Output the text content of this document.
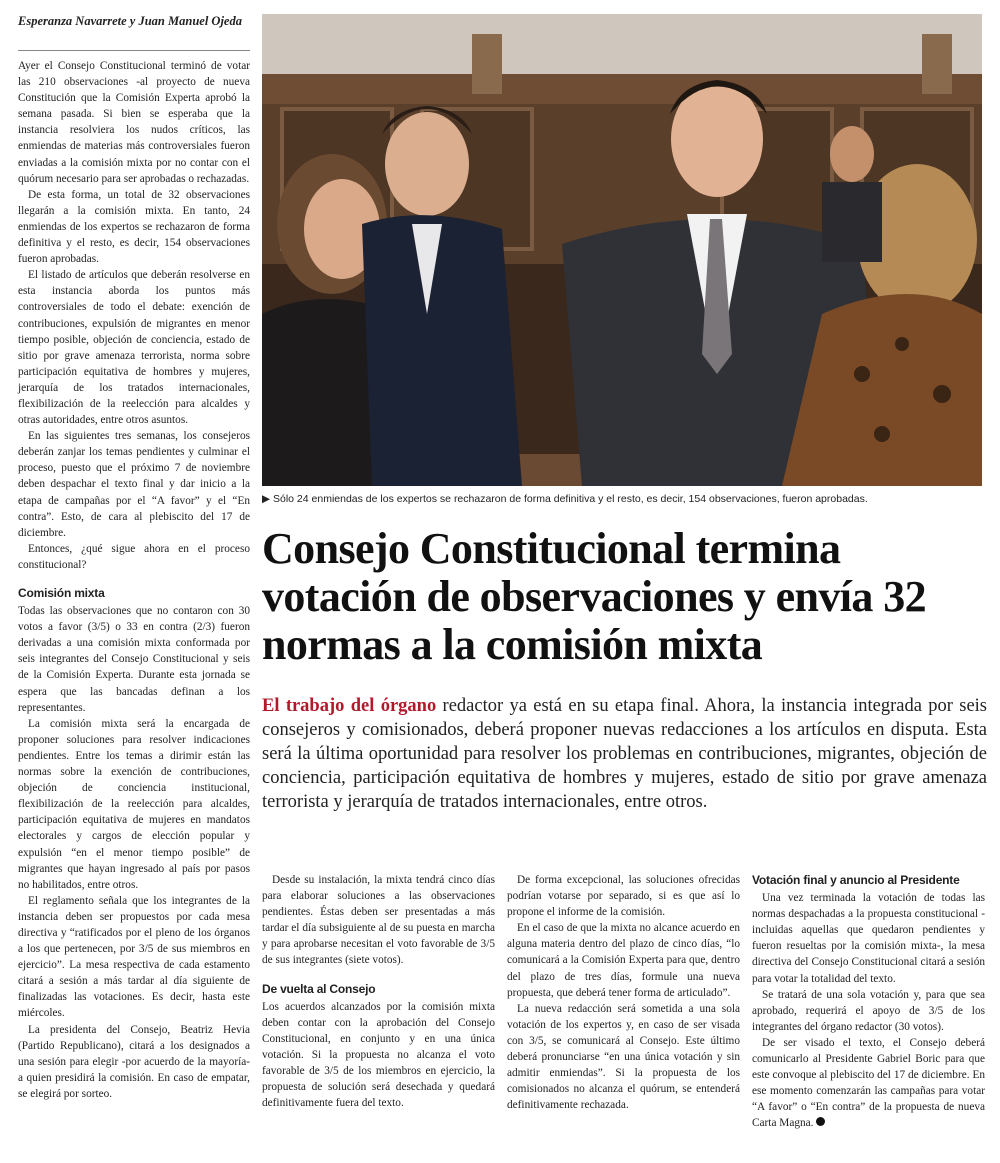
Esperanza Navarrete y Juan Manuel Ojeda

Ayer el Consejo Constitucional terminó de votar las 210 observaciones -al proyecto de nueva Constitución que la Comisión Experta aprobó la semana pasada. Si bien se esperaba que la instancia resolviera los nudos críticos, las enmiendas de materias más controversiales fueron enviadas a la comisión mixta por no contar con el quórum necesario para ser aprobadas o rechazadas.

De esta forma, un total de 32 observaciones llegarán a la comisión mixta. En tanto, 24 enmiendas de los expertos se rechazaron de forma definitiva y el resto, es decir, 154 observaciones fueron aprobadas.

El listado de artículos que deberán resolverse en esta instancia aborda los puntos más controversiales de todo el debate: exención de contribuciones, expulsión de migrantes en menor tiempo posible, objeción de conciencia, estado de sitio por grave amenaza terrorista, norma sobre participación equitativa de hombres y mujeres, jerarquía de los tratados internacionales, flexibilización de la reelección para alcaldes y otras autoridades, entre otros asuntos.

En las siguientes tres semanas, los consejeros deberán zanjar los temas pendientes y culminar el proceso, puesto que el próximo 7 de noviembre deben despachar el texto final y dar inicio a la etapa de campañas por el “A favor” y el “En contra”. Esto, de cara al plebiscito del 17 de diciembre.

Entonces, ¿qué sigue ahora en el proceso constitucional?

Comisión mixta

Todas las observaciones que no contaron con 30 votos a favor (3/5) o 33 en contra (2/3) fueron derivadas a una comisión mixta conformada por seis integrantes del Consejo Constitucional y seis de la Comisión Experta. Durante esta jornada se espera que las bancadas definan a los representantes.

La comisión mixta será la encargada de proponer soluciones para resolver indicaciones pendientes. Entre los temas a dirimir están las normas sobre la exención de contribuciones, objeción de conciencia institucional, flexibilización de la reelección para alcaldes, participación equitativa de mujeres en mandatos electorales y cargos de elección popular y expulsión “en el menor tiempo posible” de migrantes que hayan ingresado al país por pasos no habilitados, entre otros.

El reglamento señala que los integrantes de la instancia deben ser propuestos por cada mesa directiva y “ratificados por el pleno de los órganos a los que pertenecen, por 3/5 de sus miembros en ejercicio”. La mesa respectiva de cada estamento citará a sesión a más tardar al día siguiente de finalizadas las votaciones. Es decir, hasta este miércoles.

La presidenta del Consejo, Beatriz Hevia (Partido Republicano), citará a los designados a una sesión para elegir -por acuerdo de la mayoría- a quien presidirá la comisión. En caso de empatar, se elegirá por sorteo.

▶ Sólo 24 enmiendas de los expertos se rechazaron de forma definitiva y el resto, es decir, 154 observaciones, fueron aprobadas.
Consejo Constitucional termina votación de observaciones y envía 32 normas a la comisión mixta
El trabajo del órgano redactor ya está en su etapa final. Ahora, la instancia integrada por seis consejeros y comisionados, deberá proponer nuevas redacciones a los artículos en disputa. Esta será la última oportunidad para resolver los problemas en contribuciones, migrantes, objeción de conciencia, participación equitativa de hombres y mujeres, estado de sitio por grave amenaza terrorista y jerarquía de tratados internacionales, entre otros.

Desde su instalación, la mixta tendrá cinco días para elaborar soluciones a las observaciones pendientes. Éstas deben ser presentadas a más tardar el día subsiguiente al de su puesta en marcha y para aprobarse necesitan el voto favorable de 3/5 de sus integrantes (siete votos).

De vuelta al Consejo

Los acuerdos alcanzados por la comisión mixta deben contar con la aprobación del Consejo Constitucional, en conjunto y en una única votación. Si la propuesta no alcanza el voto favorable de 3/5 de los miembros en ejercicio, la propuesta de solución será desechada y quedará definitivamente fuera del texto.

De forma excepcional, las soluciones ofrecidas podrían votarse por separado, si es que así lo propone el informe de la comisión.

En el caso de que la mixta no alcance acuerdo en alguna materia dentro del plazo de cinco días, “lo comunicará a la Comisión Experta para que, dentro del plazo de tres días, formule una nueva propuesta, que deberá tener forma de articulado”.

La nueva redacción será sometida a una sola votación de los expertos y, en caso de ser visada con 3/5, se comunicará al Consejo. Este último deberá pronunciarse “en una única votación y sin admitir enmiendas”. Si la propuesta de los comisionados no alcanza el quórum, se entenderá definitivamente rechazada.

Votación final y anuncio al Presidente

Una vez terminada la votación de todas las normas despachadas a la propuesta constitucional -incluidas aquellas que quedaron pendientes y fueron resueltas por la comisión mixta-, la mesa directiva del Consejo Constitucional citará a sesión para votar la totalidad del texto.

Se tratará de una sola votación y, para que sea aprobado, requerirá el apoyo de 3/5 de los integrantes del órgano redactor (30 votos).

De ser visado el texto, el Consejo deberá comunicarlo al Presidente Gabriel Boric para que este convoque al plebiscito del 17 de diciembre. En ese momento comenzarán las campañas para votar “A favor” o “En contra” de la propuesta de nueva Carta Magna.
